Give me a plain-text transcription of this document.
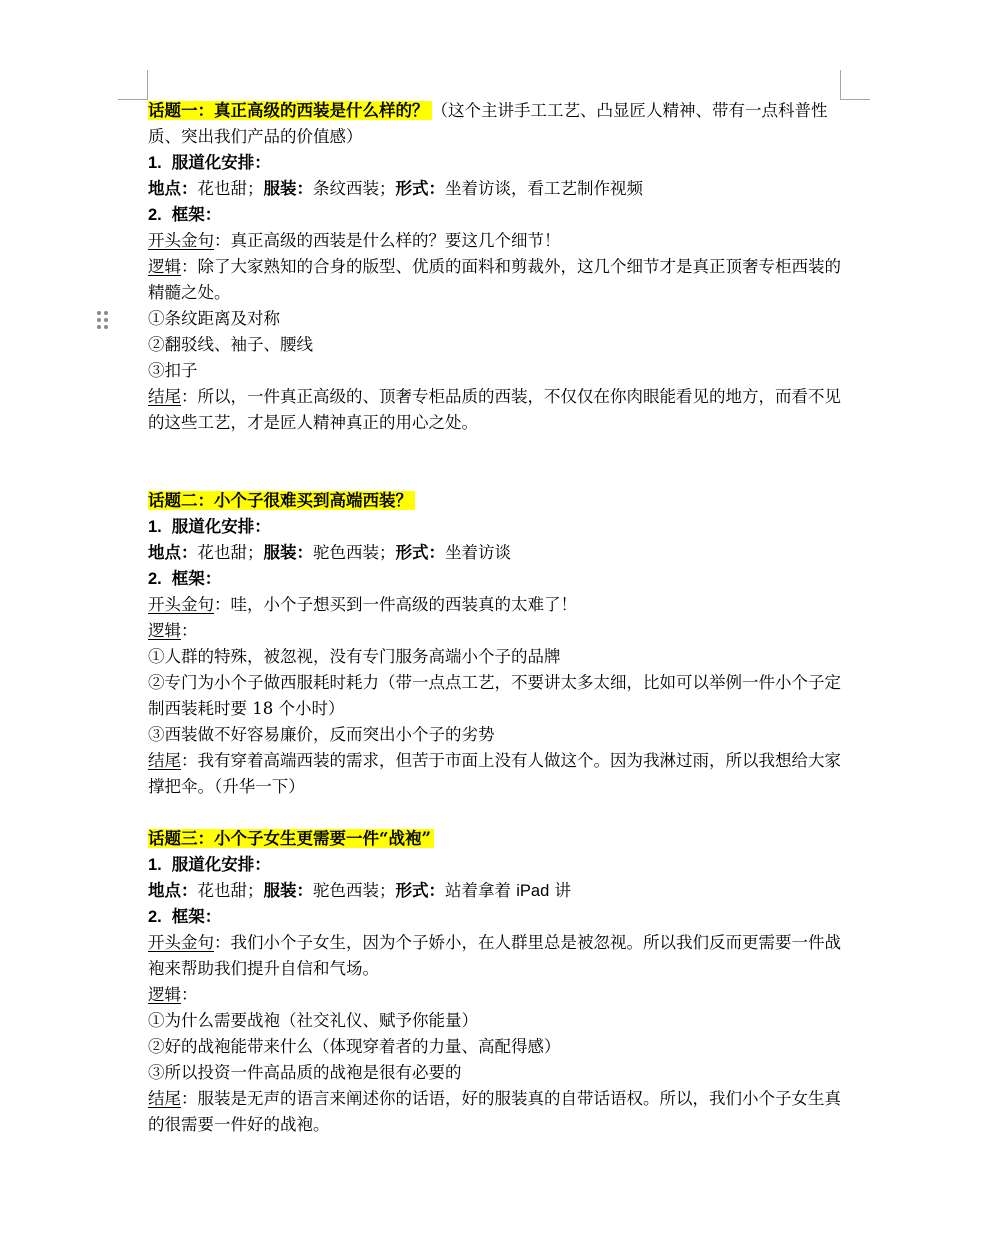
话题一：真正高级的西装是什么样的？ （这个主讲手工工艺、凸显匠人精神、带有一点科普性质、突出我们产品的价值感）
1. 服道化安排：
地点：花也甜；服装：条纹西装；形式：坐着访谈，看工艺制作视频
2. 框架：
开头金句：真正高级的西装是什么样的？要这几个细节！
逻辑：除了大家熟知的合身的版型、优质的面料和剪裁外，这几个细节才是真正顶奢专柜西装的精髓之处。
①条纹距离及对称
②翻驳线、袖子、腰线
③扣子
结尾：所以，一件真正高级的、顶奢专柜品质的西装，不仅仅在你肉眼能看见的地方，而看不见的这些工艺，才是匠人精神真正的用心之处。
话题二：小个子很难买到高端西装？
1. 服道化安排：
地点：花也甜；服装：驼色西装；形式：坐着访谈
2. 框架：
开头金句：哇，小个子想买到一件高级的西装真的太难了！
逻辑：
①人群的特殊，被忽视，没有专门服务高端小个子的品牌
②专门为小个子做西服耗时耗力（带一点点工艺，不要讲太多太细，比如可以举例一件小个子定制西装耗时要 18 个小时）
③西装做不好容易廉价，反而突出小个子的劣势
结尾：我有穿着高端西装的需求，但苦于市面上没有人做这个。因为我淋过雨，所以我想给大家撑把伞。（升华一下）
话题三：小个子女生更需要一件“战袍”
1. 服道化安排：
地点：花也甜；服装：驼色西装；形式：站着拿着 iPad 讲
2. 框架：
开头金句：我们小个子女生，因为个子娇小，在人群里总是被忽视。所以我们反而更需要一件战袍来帮助我们提升自信和气场。
逻辑：
①为什么需要战袍（社交礼仪、赋予你能量）
②好的战袍能带来什么（体现穿着者的力量、高配得感）
③所以投资一件高品质的战袍是很有必要的
结尾：服装是无声的语言来阐述你的话语，好的服装真的自带话语权。所以，我们小个子女生真的很需要一件好的战袍。
